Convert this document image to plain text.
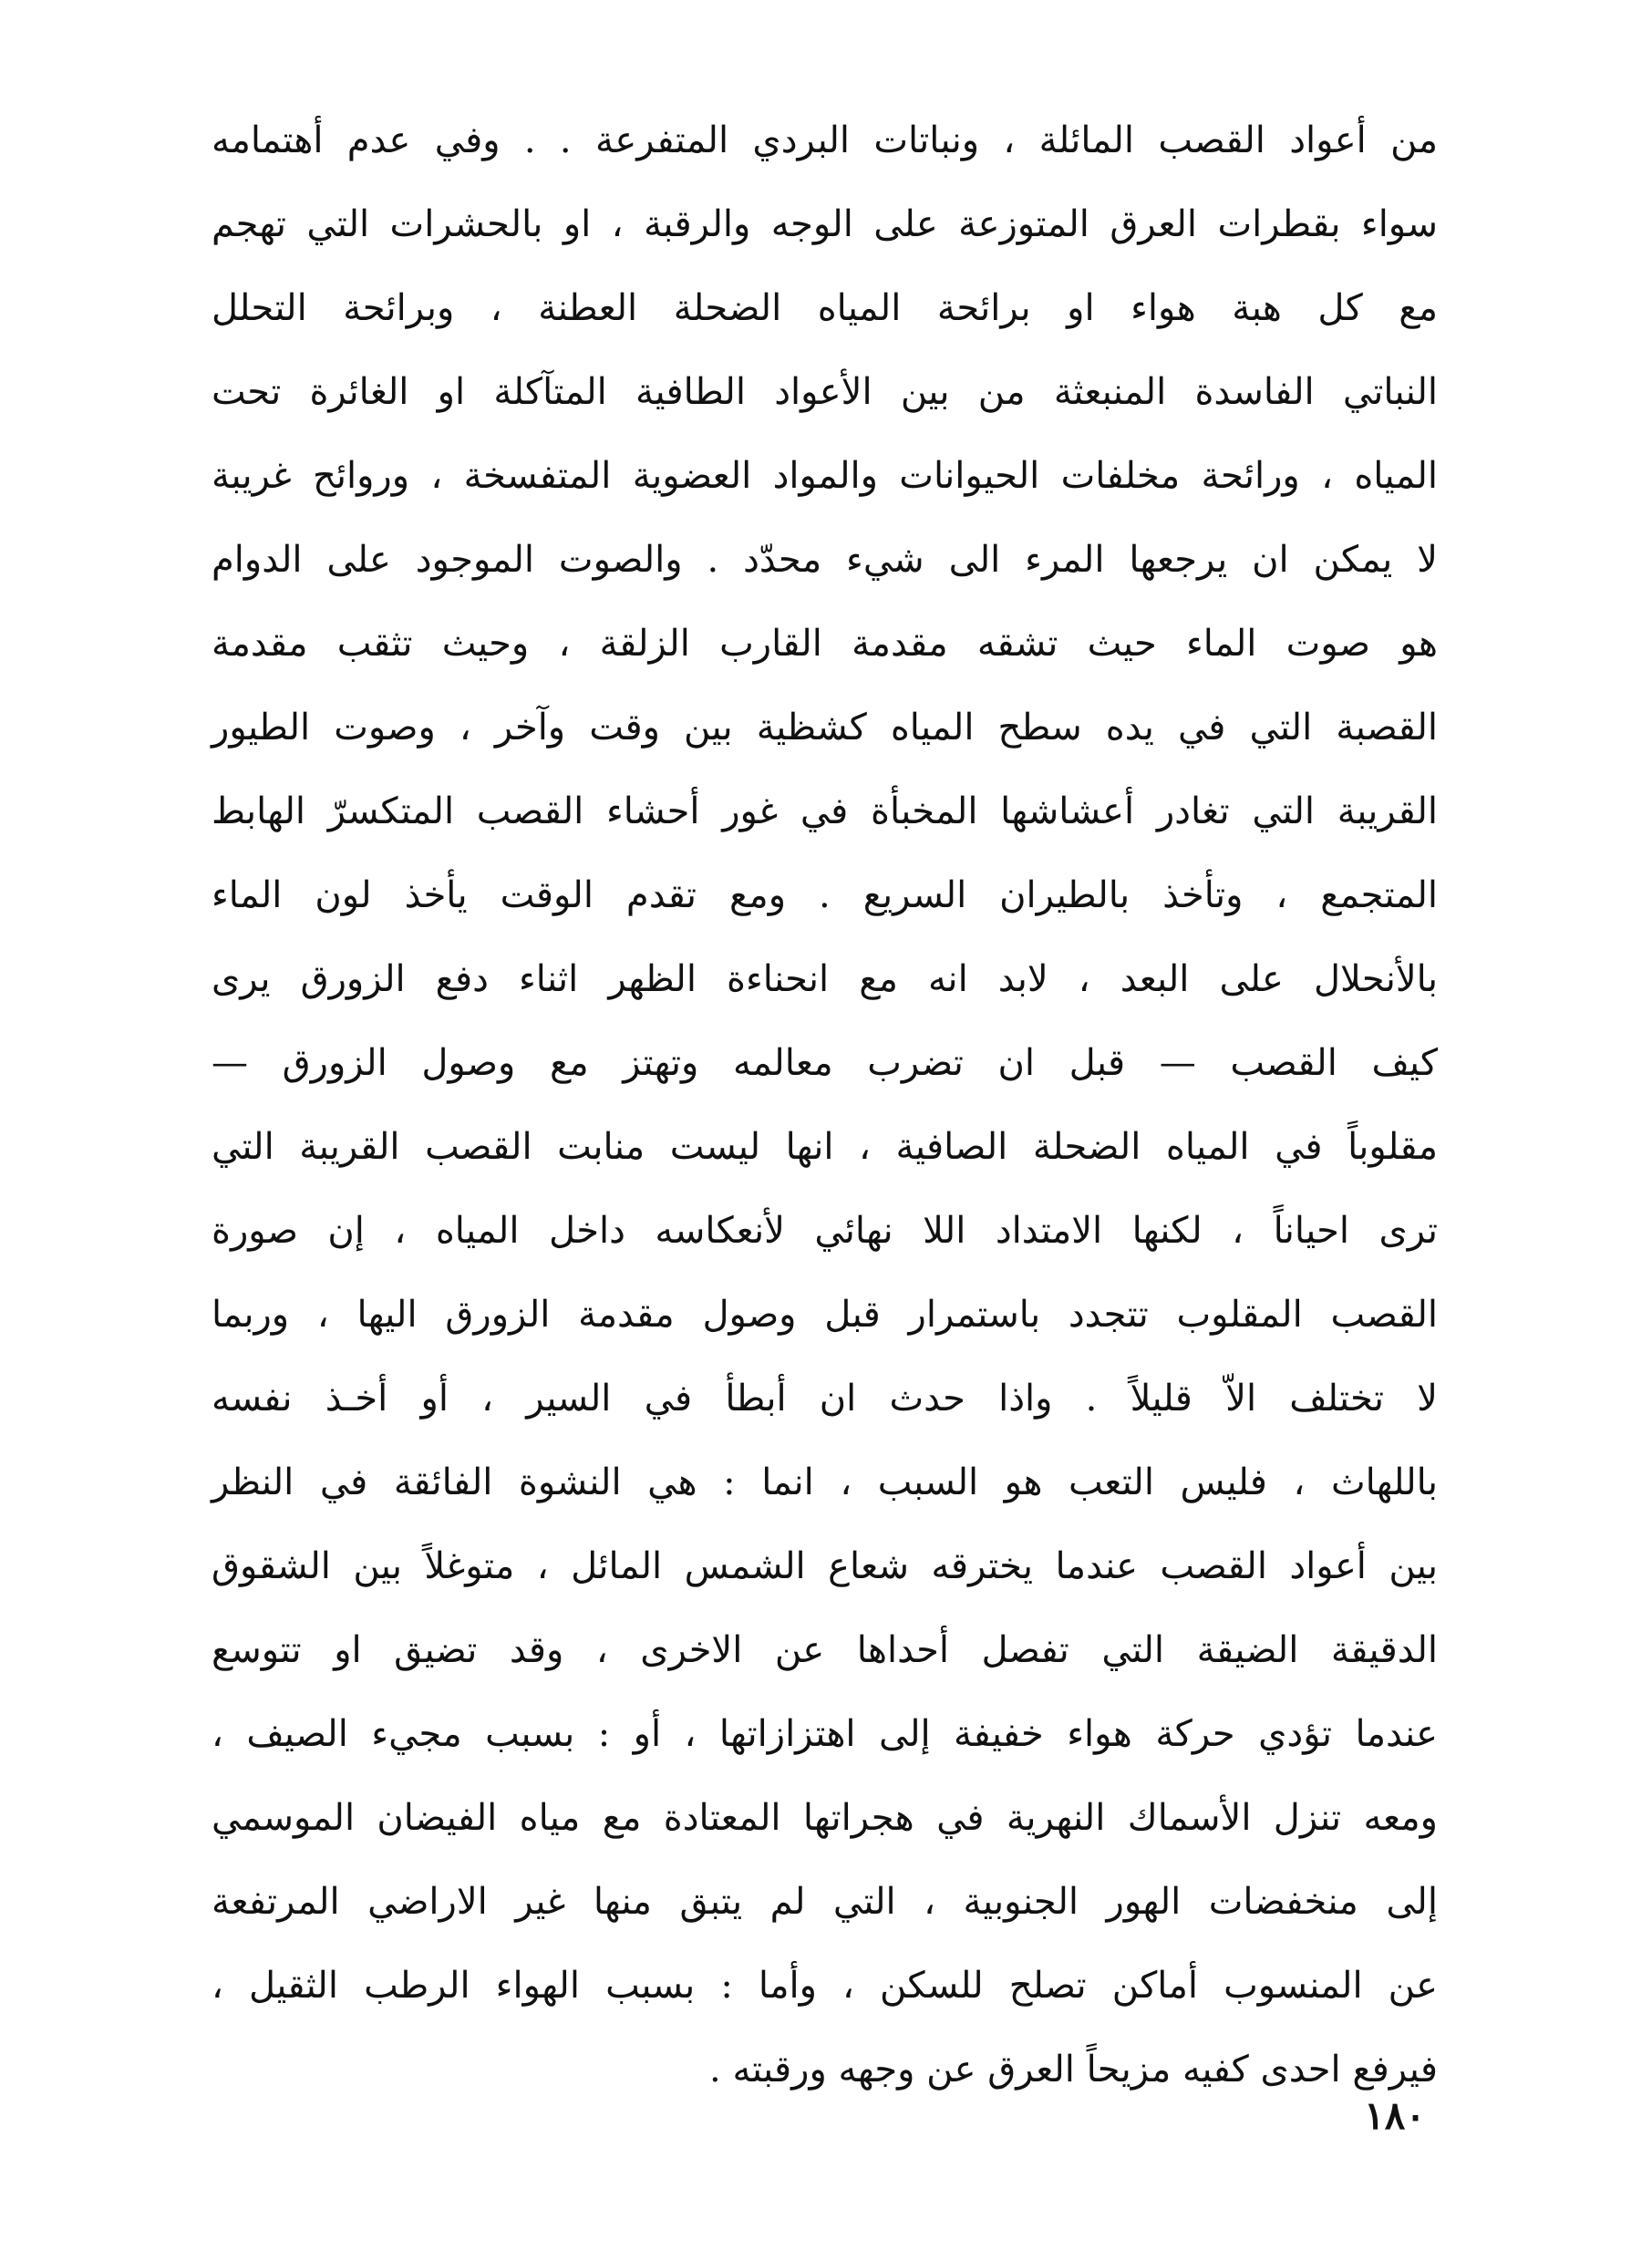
من أعواد القصب المائلة ، ونباتات البردي المتفرعة . . وفي عدم أهتمامه
سواء بقطرات العرق المتوزعة على الوجه والرقبة ، او بالحشرات التي تهجم
مع كل هبة هواء او برائحة المياه الضحلة العطنة ، وبرائحة التحلل
النباتي الفاسدة المنبعثة من بين الأعواد الطافية المتآكلة او الغائرة تحت
المياه ، ورائحة مخلفات الحيوانات والمواد العضوية المتفسخة ، وروائح غريبة
لا يمكن ان يرجعها المرء الى شيء محدّد . والصوت الموجود على الدوام
هو صوت الماء حيث تشقه مقدمة القارب الزلقة ، وحيث تثقب مقدمة
القصبة التي في يده سطح المياه كشظية بين وقت وآخر ، وصوت الطيور
القريبة التي تغادر أعشاشها المخبأة في غور أحشاء القصب المتكسرّ الهابط
المتجمع ، وتأخذ بالطيران السريع . ومع تقدم الوقت يأخذ لون الماء
بالأنحلال على البعد ، لابد انه مع انحناءة الظهر اثناء دفع الزورق يرى
كيف القصب — قبل ان تضرب معالمه وتهتز مع وصول الزورق —
مقلوباً في المياه الضحلة الصافية ، انها ليست منابت القصب القريبة التي
ترى احياناً ، لكنها الامتداد اللا نهائي لأنعكاسه داخل المياه ، إن صورة
القصب المقلوب تتجدد باستمرار قبل وصول مقدمة الزورق اليها ، وربما
لا تختلف الاّ قليلاً . واذا حدث ان أبطأ في السير ، أو أخـذ نفسه
باللهاث ، فليس التعب هو السبب ، انما : هي النشوة الفائقة في النظر
بين أعواد القصب عندما يخترقه شعاع الشمس المائل ، متوغلاً بين الشقوق
الدقيقة الضيقة التي تفصل أحداها عن الاخرى ، وقد تضيق او تتوسع
عندما تؤدي حركة هواء خفيفة إلى اهتزازاتها ، أو : بسبب مجيء الصيف ،
ومعه تنزل الأسماك النهرية في هجراتها المعتادة مع مياه الفيضان الموسمي
إلى منخفضات الهور الجنوبية ، التي لم يتبق منها غير الاراضي المرتفعة
عن المنسوب أماكن تصلح للسكن ، وأما : بسبب الهواء الرطب الثقيل ،
فيرفع احدى كفيه مزيحاً العرق عن وجهه ورقبته .
١٨٠
